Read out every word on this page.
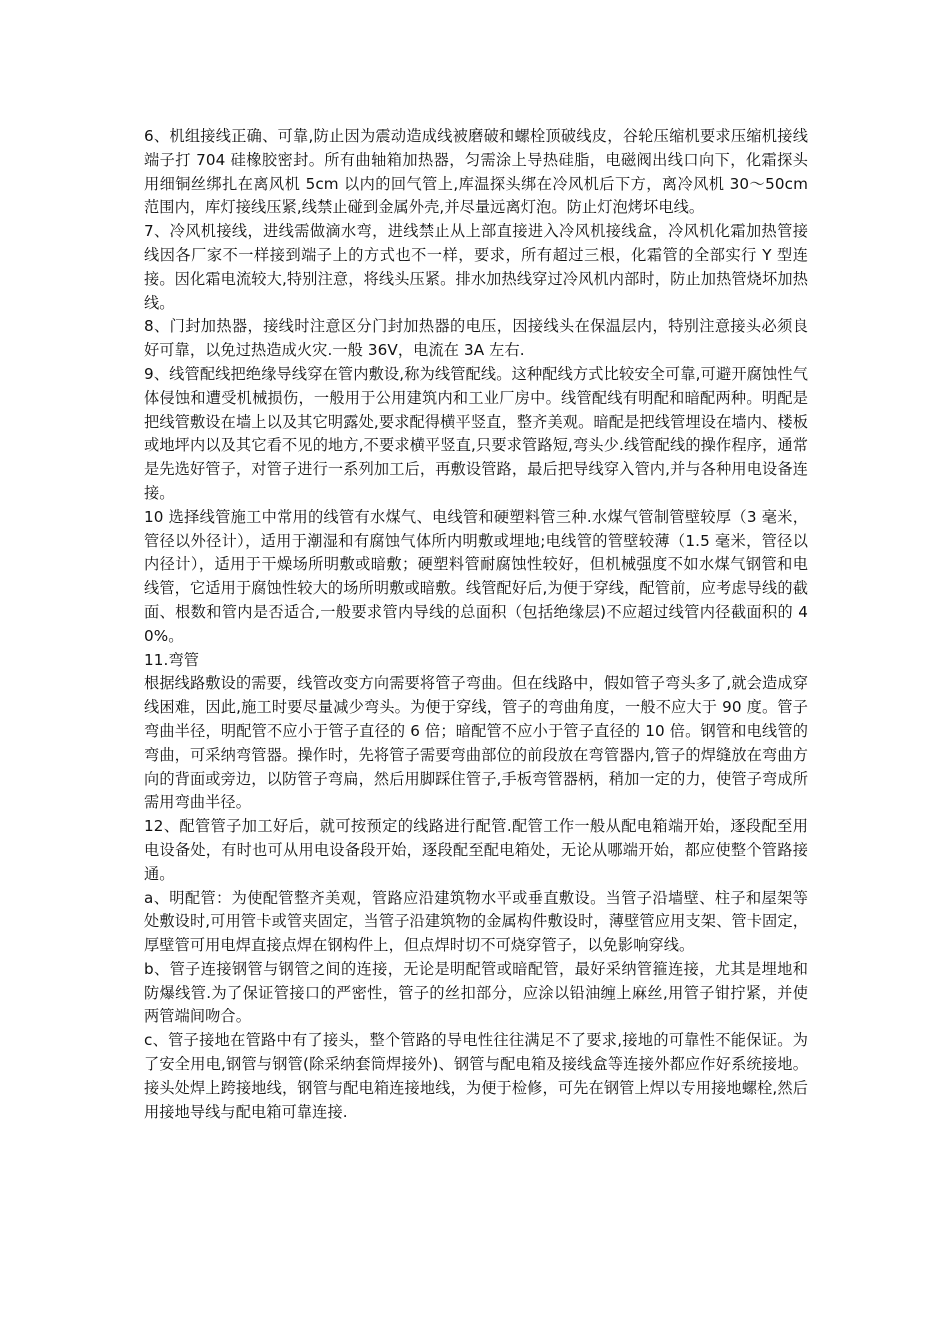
6、机组接线正确、可靠,防止因为震动造成线被磨破和螺栓顶破线皮，谷轮压缩机要求压缩机接线端子打 704 硅橡胶密封。所有曲轴箱加热器，匀需涂上导热硅脂，电磁阀出线口向下，化霜探头用细铜丝绑扎在离风机 5cm 以内的回气管上,库温探头绑在冷风机后下方，离冷风机 30～50cm 范围内，库灯接线压紧,线禁止碰到金属外壳,并尽量远离灯泡。防止灯泡烤坏电线。

7、冷风机接线，进线需做滴水弯，进线禁止从上部直接进入冷风机接线盒，冷风机化霜加热管接线因各厂家不一样接到端子上的方式也不一样，要求，所有超过三根，化霜管的全部实行 Y 型连接。因化霜电流较大,特别注意，将线头压紧。排水加热线穿过冷风机内部时，防止加热管烧坏加热线。

8、门封加热器，接线时注意区分门封加热器的电压，因接线头在保温层内，特别注意接头必须良好可靠，以免过热造成火灾.一般 36V，电流在 3A 左右.

9、线管配线把绝缘导线穿在管内敷设,称为线管配线。这种配线方式比较安全可靠,可避开腐蚀性气体侵蚀和遭受机械损伤，一般用于公用建筑内和工业厂房中。线管配线有明配和暗配两种。明配是把线管敷设在墙上以及其它明露处,要求配得横平竖直，整齐美观。暗配是把线管埋设在墙内、楼板或地坪内以及其它看不见的地方,不要求横平竖直,只要求管路短,弯头少.线管配线的操作程序，通常是先选好管子，对管子进行一系列加工后，再敷设管路，最后把导线穿入管内,并与各种用电设备连接。

10 选择线管施工中常用的线管有水煤气、电线管和硬塑料管三种.水煤气管制管壁较厚（3 毫米，管径以外径计），适用于潮湿和有腐蚀气体所内明敷或埋地;电线管的管壁较薄（1.5 毫米，管径以内径计），适用于干燥场所明敷或暗敷；硬塑料管耐腐蚀性较好，但机械强度不如水煤气钢管和电线管，它适用于腐蚀性较大的场所明敷或暗敷。线管配好后,为便于穿线，配管前，应考虑导线的截面、根数和管内是否适合,一般要求管内导线的总面积（包括绝缘层)不应超过线管内径截面积的 40%。

11.弯管

根据线路敷设的需要，线管改变方向需要将管子弯曲。但在线路中，假如管子弯头多了,就会造成穿线困难，因此,施工时要尽量减少弯头。为便于穿线，管子的弯曲角度，一般不应大于 90 度。管子弯曲半径，明配管不应小于管子直径的 6 倍；暗配管不应小于管子直径的 10 倍。钢管和电线管的弯曲，可采纳弯管器。操作时，先将管子需要弯曲部位的前段放在弯管器内,管子的焊缝放在弯曲方向的背面或旁边，以防管子弯扁，然后用脚踩住管子,手板弯管器柄，稍加一定的力，使管子弯成所需用弯曲半径。

12、配管管子加工好后，就可按预定的线路进行配管.配管工作一般从配电箱端开始，逐段配至用电设备处，有时也可从用电设备段开始，逐段配至配电箱处，无论从哪端开始，都应使整个管路接通。

a、明配管：为使配管整齐美观，管路应沿建筑物水平或垂直敷设。当管子沿墙壁、柱子和屋架等处敷设时,可用管卡或管夹固定，当管子沿建筑物的金属构件敷设时，薄壁管应用支架、管卡固定，厚壁管可用电焊直接点焊在钢构件上，但点焊时切不可烧穿管子，以免影响穿线。

b、管子连接钢管与钢管之间的连接，无论是明配管或暗配管，最好采纳管箍连接，尤其是埋地和防爆线管.为了保证管接口的严密性，管子的丝扣部分，应涂以铅油缠上麻丝,用管子钳拧紧，并使两管端间吻合。

c、管子接地在管路中有了接头，整个管路的导电性往往满足不了要求,接地的可靠性不能保证。为了安全用电,钢管与钢管(除采纳套筒焊接外)、钢管与配电箱及接线盒等连接外都应作好系统接地。接头处焊上跨接地线，钢管与配电箱连接地线，为便于检修，可先在钢管上焊以专用接地螺栓,然后用接地导线与配电箱可靠连接.
